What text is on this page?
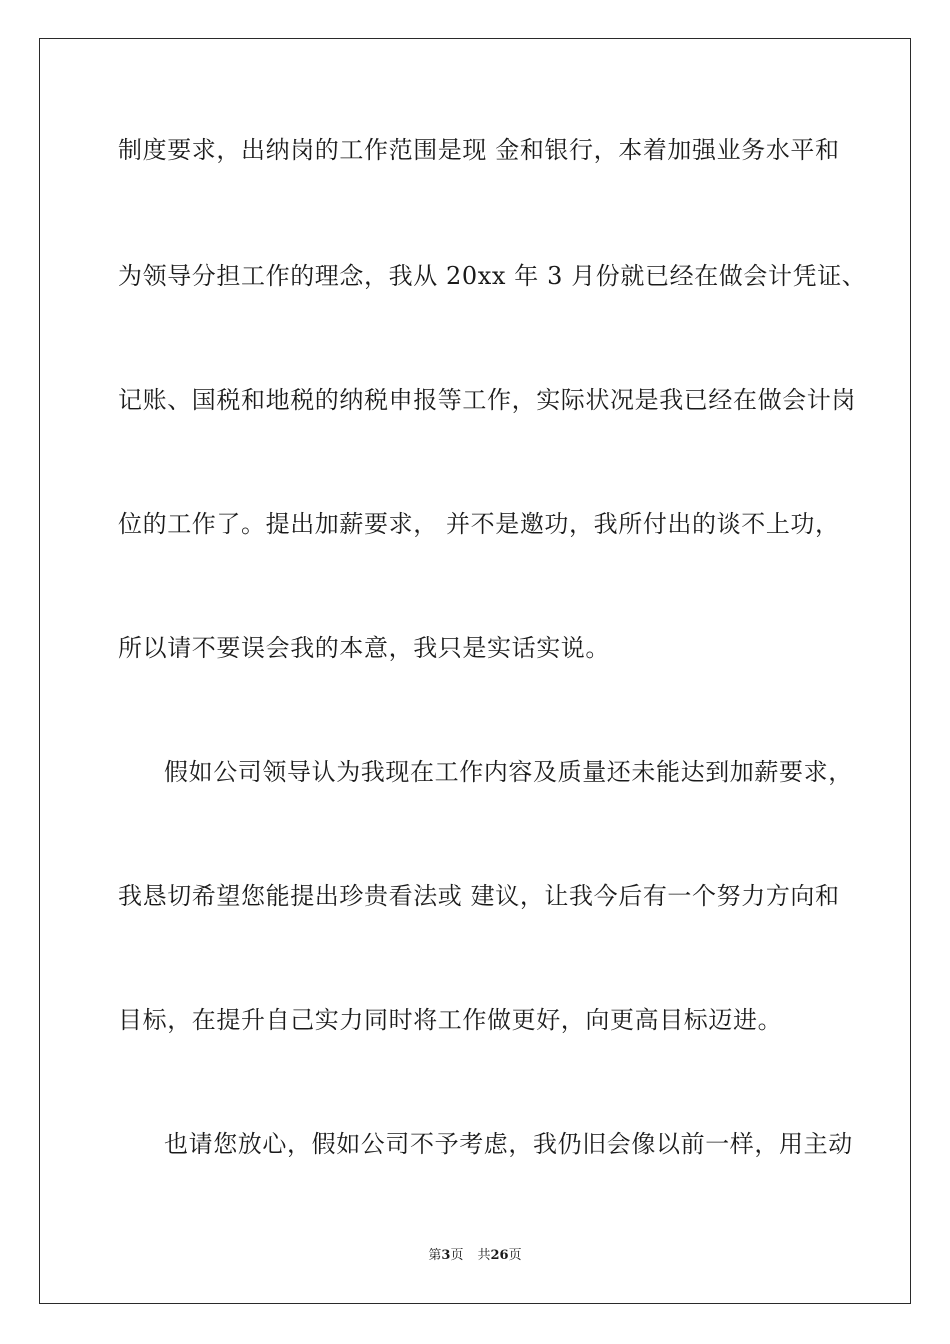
制度要求，出纳岗的工作范围是现 金和银行，本着加强业务水平和
为领导分担工作的理念，我从 20xx 年 3 月份就已经在做会计凭证、
记账、国税和地税的纳税申报等工作，实际状况是我已经在做会计岗
位的工作了。提出加薪要求， 并不是邀功，我所付出的谈不上功，
所以请不要误会我的本意，我只是实话实说。
假如公司领导认为我现在工作内容及质量还未能达到加薪要求，
我恳切希望您能提出珍贵看法或 建议，让我今后有一个努力方向和
目标，在提升自己实力同时将工作做更好，向更高目标迈进。
也请您放心，假如公司不予考虑，我仍旧会像以前一样，用主动
第3页 共26页
